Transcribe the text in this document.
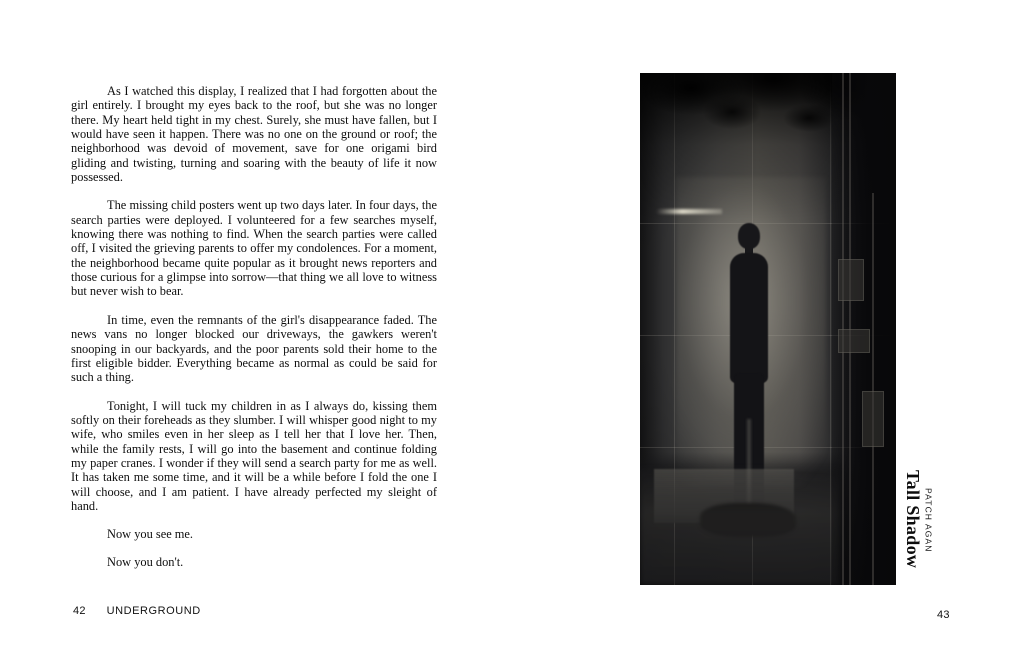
As I watched this display, I realized that I had forgotten about the girl entirely. I brought my eyes back to the roof, but she was no longer there. My heart held tight in my chest. Surely, she must have fallen, but I would have seen it happen. There was no one on the ground or roof; the neighborhood was devoid of movement, save for one origami bird gliding and twisting, turning and soaring with the beauty of life it now possessed.

The missing child posters went up two days later. In four days, the search parties were deployed. I volunteered for a few searches myself, knowing there was nothing to find. When the search parties were called off, I visited the grieving parents to offer my condolences. For a moment, the neighborhood became quite popular as it brought news reporters and those curious for a glimpse into sorrow—that thing we all love to witness but never wish to bear.

In time, even the remnants of the girl's disappearance faded. The news vans no longer blocked our driveways, the gawkers weren't snooping in our backyards, and the poor parents sold their home to the first eligible bidder. Everything became as normal as could be said for such a thing.

Tonight, I will tuck my children in as I always do, kissing them softly on their foreheads as they slumber. I will whisper good night to my wife, who smiles even in her sleep as I tell her that I love her. Then, while the family rests, I will go into the basement and continue folding my paper cranes. I wonder if they will send a search party for me as well. It has taken me some time, and it will be a while before I fold the one I will choose, and I am patient. I have already perfected my sleight of hand.

Now you see me.

Now you don't.

42 UNDERGROUND
Tall Shadow PATCH AGAN
43
